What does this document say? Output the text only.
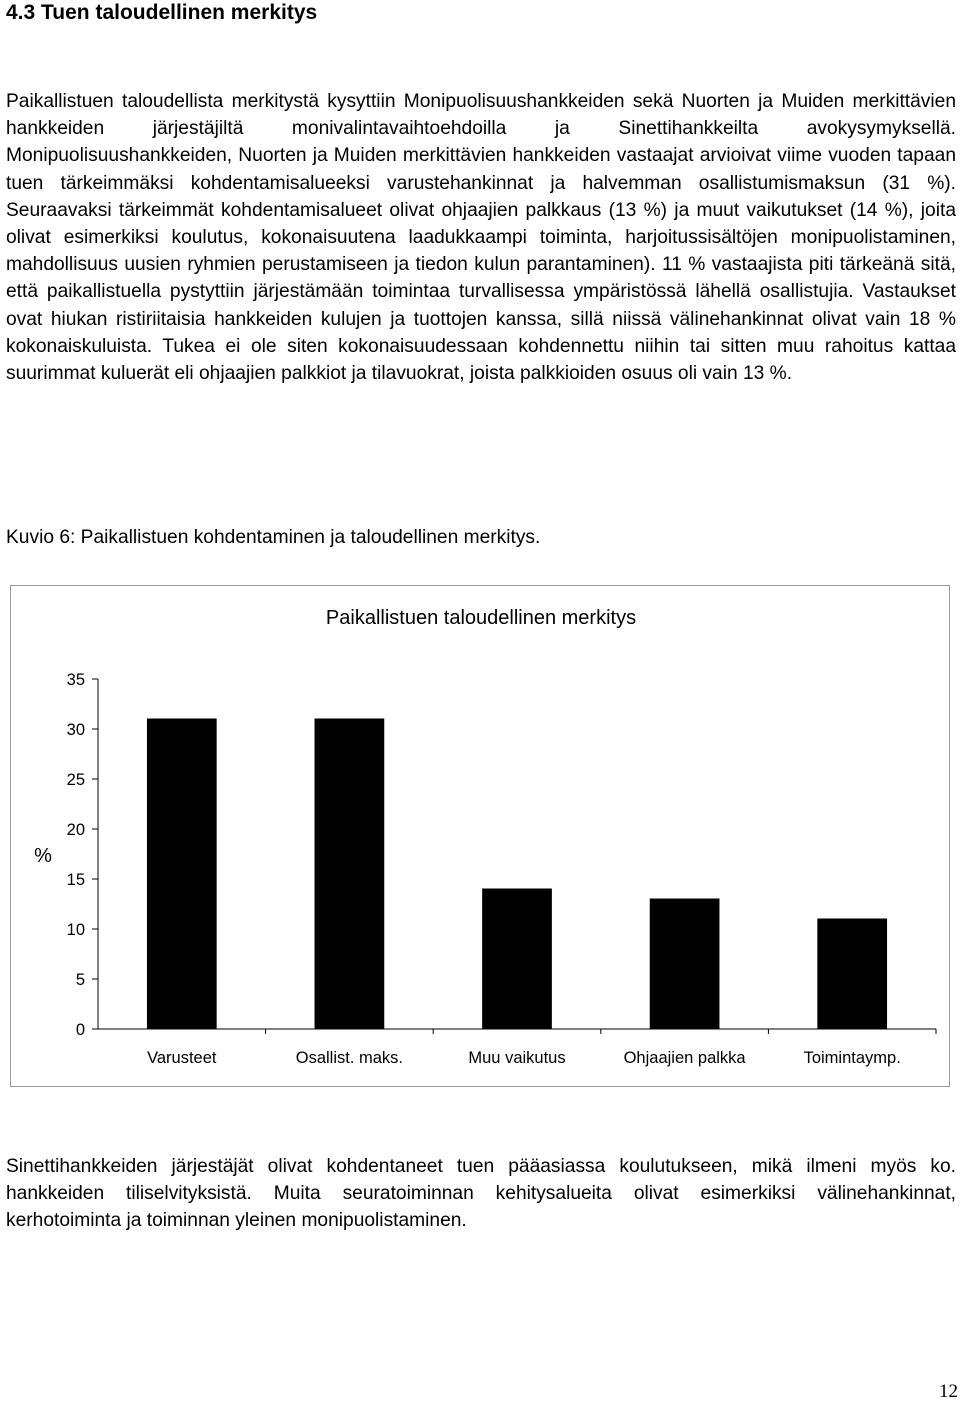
4.3 Tuen taloudellinen merkitys
Paikallistuen taloudellista merkitystä kysyttiin Monipuolisuushankkeiden sekä Nuorten ja Muiden merkittävien hankkeiden järjestäjiltä monivalintavaihtoehdoilla ja Sinettihankkeilta avokysymyksellä. Monipuolisuushankkeiden, Nuorten ja Muiden merkittävien hankkeiden vastaajat arvioivat viime vuoden tapaan tuen tärkeimmäksi kohdentamisalueeksi varustehankinnat ja halvemman osallistumismaksun (31 %). Seuraavaksi tärkeimmät kohdentamisalueet olivat ohjaajien palkkaus (13 %) ja muut vaikutukset (14 %), joita olivat esimerkiksi koulutus, kokonaisuutena laadukkaampi toiminta, harjoitussisältöjen monipuolistaminen, mahdollisuus uusien ryhmien perustamiseen ja tiedon kulun parantaminen). 11 % vastaajista piti tärkeänä sitä, että paikallistuella pystyttiin järjestämään toimintaa turvallisessa ympäristössä lähellä osallistujia. Vastaukset ovat hiukan ristiriitaisia hankkeiden kulujen ja tuottojen kanssa, sillä niissä välinehankinnat olivat vain 18 % kokonaiskuluista. Tukea ei ole siten kokonaisuudessaan kohdennettu niihin tai sitten muu rahoitus kattaa suurimmat kuluerät eli ohjaajien palkkiot ja tilavuokrat, joista palkkioiden osuus oli vain 13 %.
Kuvio 6: Paikallistuen kohdentaminen ja taloudellinen merkitys.
Paikallistuen taloudellinen merkitys
%
0
5
10
15
20
25
30
35
Varusteet	Osallist. maks.	Muu vaikutus	Ohjaajien palkka	Toimintaymp.
Sinettihankkeiden järjestäjät olivat kohdentaneet tuen pääasiassa koulutukseen, mikä ilmeni myös ko. hankkeiden tiliselvityksistä. Muita seuratoiminnan kehitysalueita olivat esimerkiksi välinehankinnat, kerhotoiminta ja toiminnan yleinen monipuolistaminen.
12
